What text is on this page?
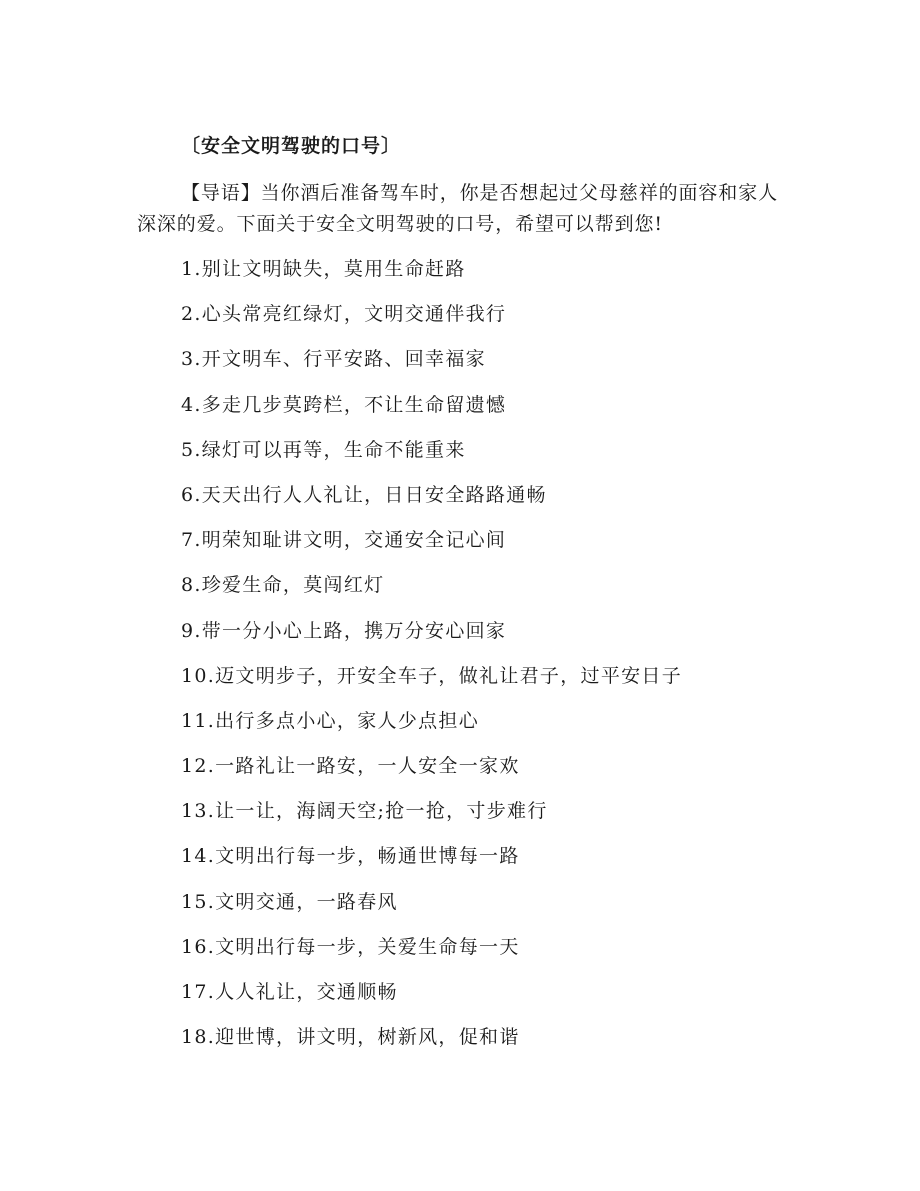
〔安全文明驾驶的口号〕
【导语】当你酒后准备驾车时，你是否想起过父母慈祥的面容和家人深深的爱。下面关于安全文明驾驶的口号，希望可以帮到您!
1.别让文明缺失，莫用生命赶路
2.心头常亮红绿灯，文明交通伴我行
3.开文明车、行平安路、回幸福家
4.多走几步莫跨栏，不让生命留遗憾
5.绿灯可以再等，生命不能重来
6.天天出行人人礼让，日日安全路路通畅
7.明荣知耻讲文明，交通安全记心间
8.珍爱生命，莫闯红灯
9.带一分小心上路，携万分安心回家
10.迈文明步子，开安全车子，做礼让君子，过平安日子
11.出行多点小心，家人少点担心
12.一路礼让一路安，一人安全一家欢
13.让一让，海阔天空;抢一抢，寸步难行
14.文明出行每一步，畅通世博每一路
15.文明交通，一路春风
16.文明出行每一步，关爱生命每一天
17.人人礼让，交通顺畅
18.迎世博，讲文明，树新风，促和谐
